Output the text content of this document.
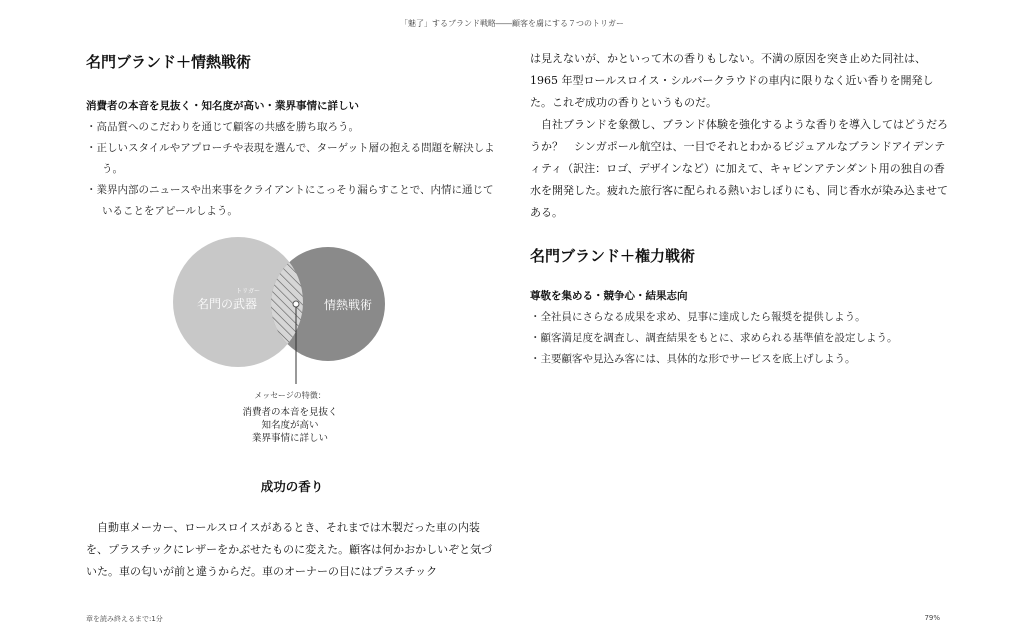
「魅了」するブランド戦略――顧客を虜にする７つのトリガー
名門ブランド＋情熱戦術
消費者の本音を見抜く・知名度が高い・業界事情に詳しい
・ 高品質へのこだわりを通じて顧客の共感を勝ち取ろう。
・ 正しいスタイルやアプローチや表現を選んで、ターゲット層の抱える問題を解決しよう。
・ 業界内部のニュースや出来事をクライアントにこっそり漏らすことで、内情に通じていることをアピールしよう。
トリガー
名門の武器	情熱戦術
メッセージの特徴：
消費者の本音を見抜く
知名度が高い
業界事情に詳しい
成功の香り

自動車メーカー、ロールスロイスがあるとき、それまでは木製だった車の内装を、プラスチックにレザーをかぶせたものに変えた。顧客は何かおかしいぞと気づいた。車の匂いが前と違うからだ。車のオーナーの目にはプラスチック

は見えないが、かといって木の香りもしない。不満の原因を突き止めた同社は、1965 年型ロールスロイス・シルバークラウドの車内に限りなく近い香りを開発した。これぞ成功の香りというものだ。

自社ブランドを象徴し、ブランド体験を強化するような香りを導入してはどうだろうか？　シンガポール航空は、一目でそれとわかるビジュアルなブランドアイデンティティ（訳注：ロゴ、デザインなど）に加えて、キャビンアテンダント用の独自の香水を開発した。疲れた旅行客に配られる熱いおしぼりにも、同じ香水が染み込ませてある。

名門ブランド＋権力戦術
尊敬を集める・競争心・結果志向
・ 全社員にさらなる成果を求め、見事に達成したら報奨を提供しよう。
・ 顧客満足度を調査し、調査結果をもとに、求められる基準値を設定しよう。
・ 主要顧客や見込み客には、具体的な形でサービスを底上げしよう。
章を読み終えるまで:1分	79%
